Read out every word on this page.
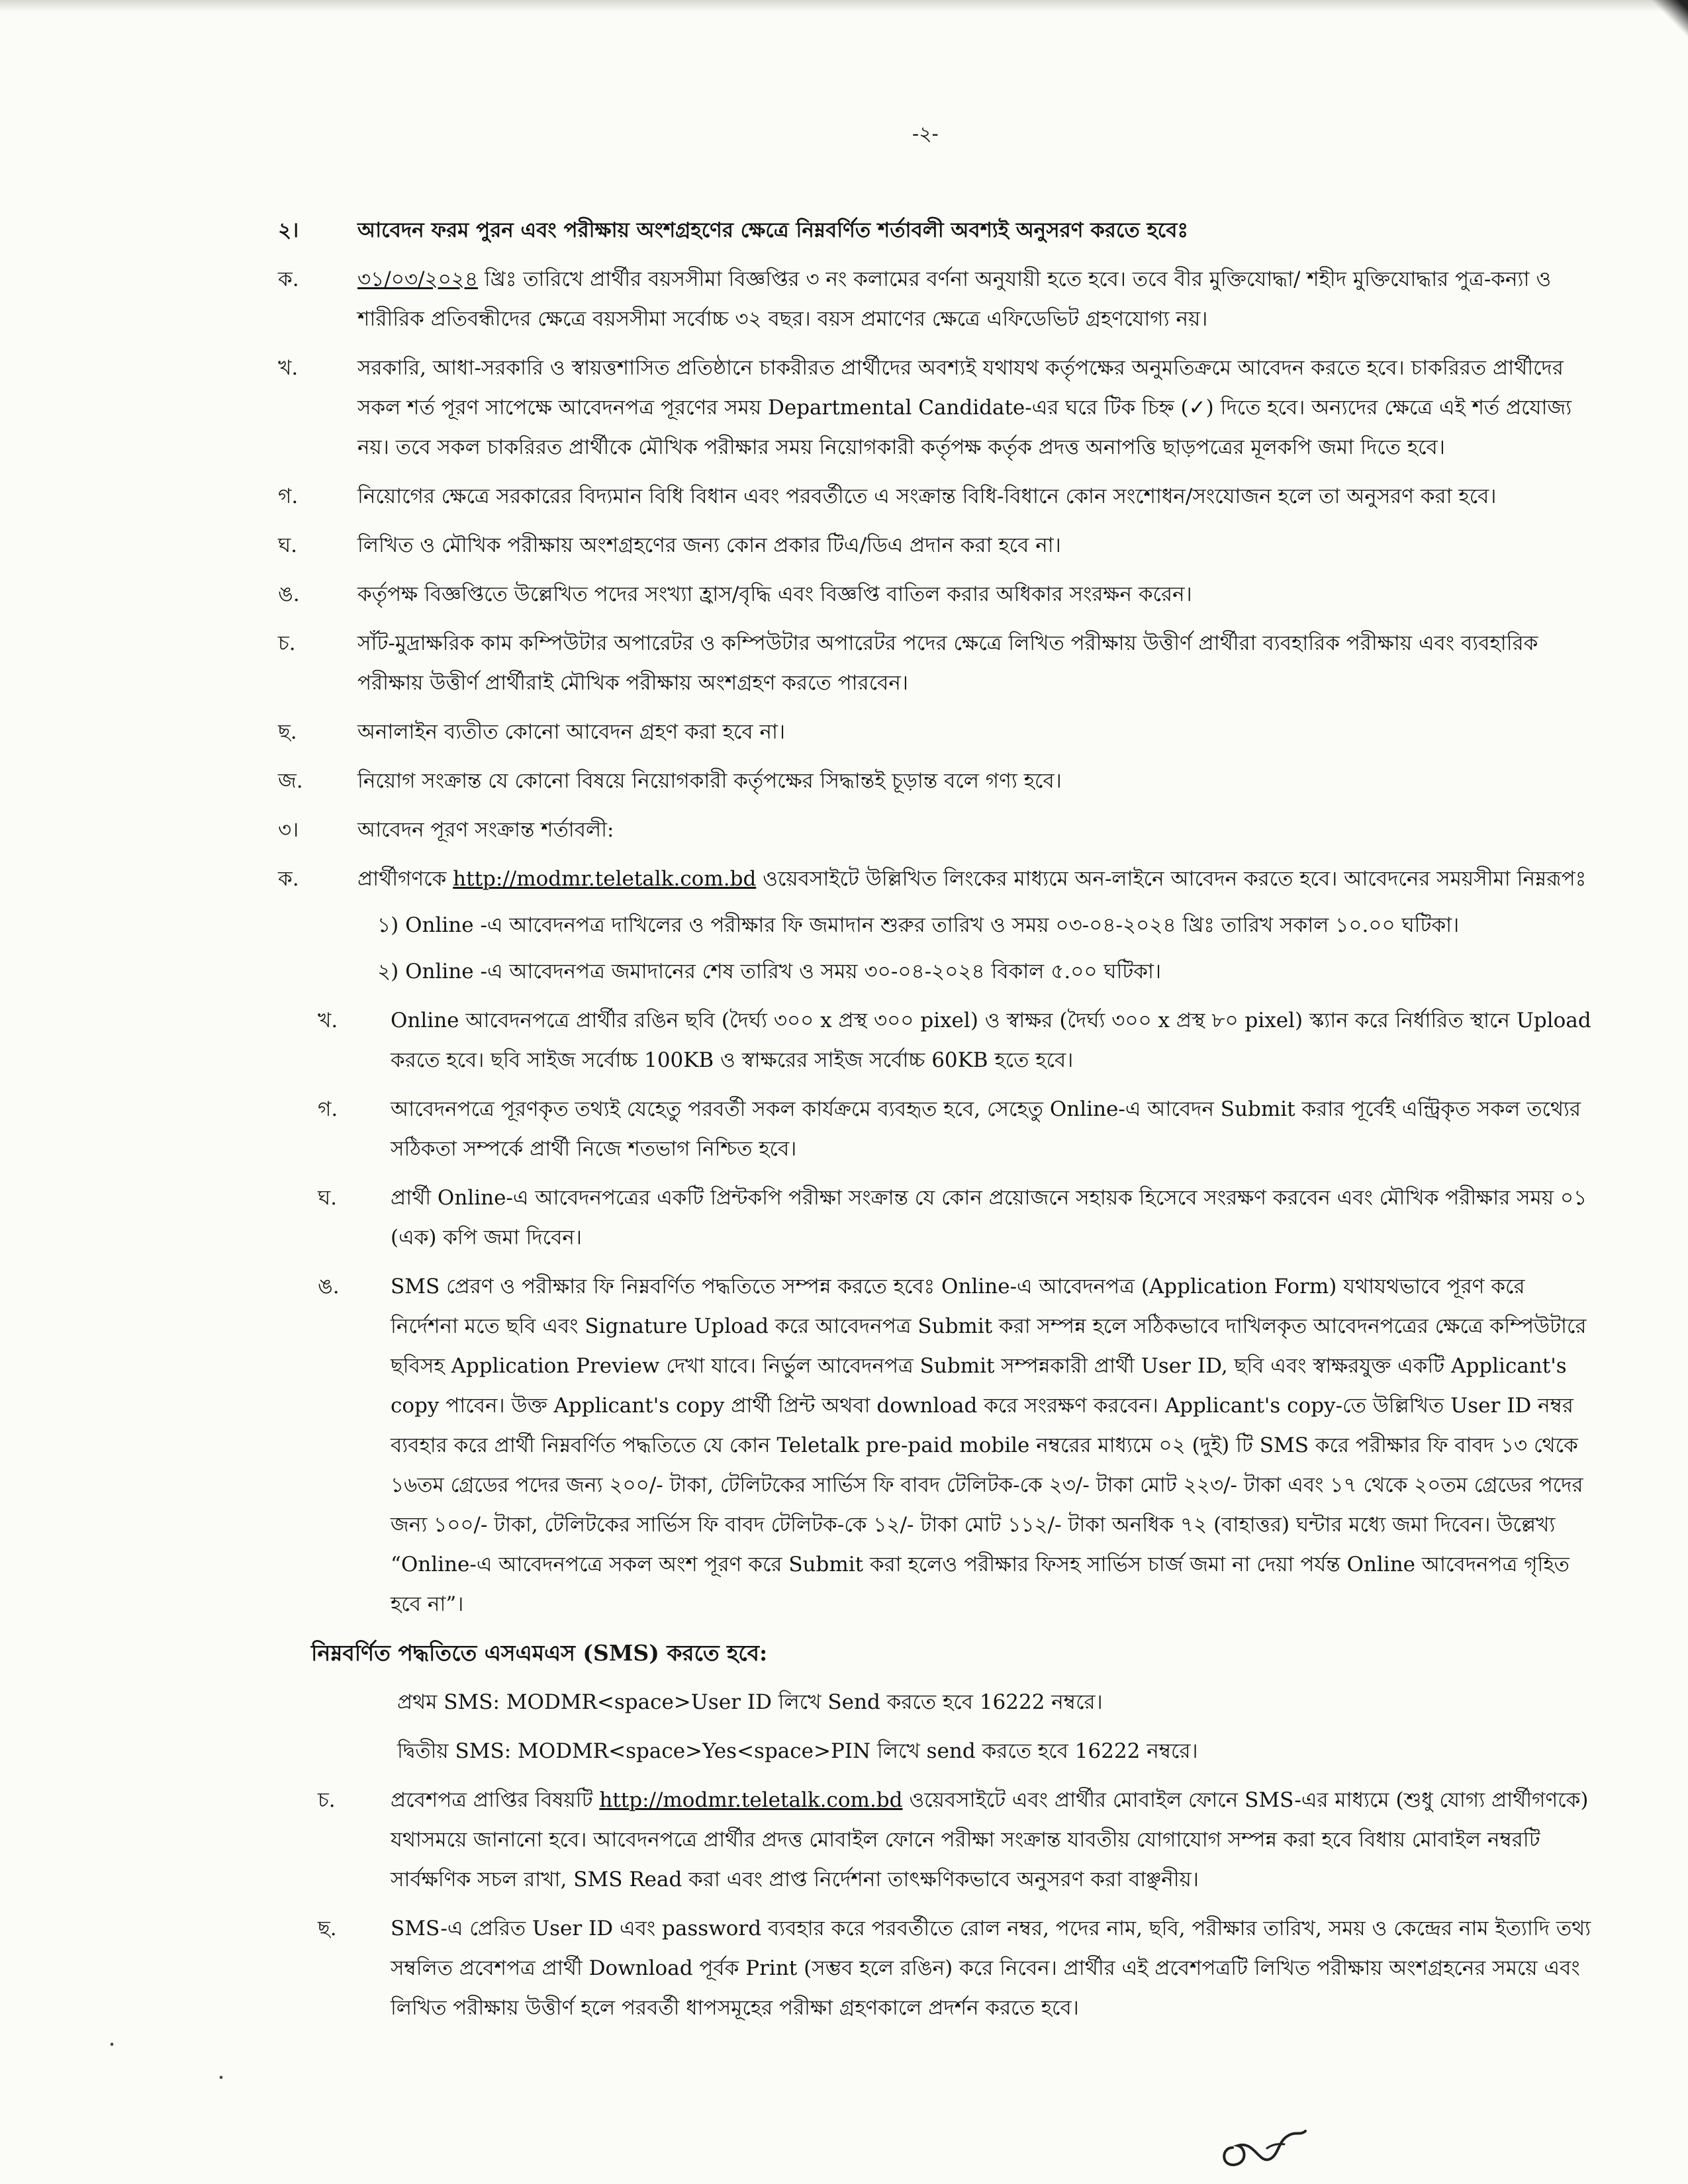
-২-
২।	আবেদন ফরম পুরন এবং পরীক্ষায় অংশগ্রহণের ক্ষেত্রে নিম্নবর্ণিত শর্তাবলী অবশ্যই অনুসরণ করতে হবেঃ
ক.	৩১/০৩/২০২৪ খ্রিঃ তারিখে প্রার্থীর বয়সসীমা বিজ্ঞপ্তির ৩ নং কলামের বর্ণনা অনুযায়ী হতে হবে। তবে বীর মুক্তিযোদ্ধা/ শহীদ মুক্তিযোদ্ধার পুত্র-কন্যা ও শারীরিক প্রতিবন্ধীদের ক্ষেত্রে বয়সসীমা সর্বোচ্চ ৩২ বছর। বয়স প্রমাণের ক্ষেত্রে এফিডেভিট গ্রহণযোগ্য নয়।
খ.	সরকারি, আধা-সরকারি ও স্বায়ত্তশাসিত প্রতিষ্ঠানে চাকরীরত প্রার্থীদের অবশ্যই যথাযথ কর্তৃপক্ষের অনুমতিক্রমে আবেদন করতে হবে। চাকরিরত প্রার্থীদের সকল শর্ত পূরণ সাপেক্ষে আবেদনপত্র পূরণের সময় Departmental Candidate-এর ঘরে টিক চিহ্ন (✓) দিতে হবে। অন্যদের ক্ষেত্রে এই শর্ত প্রযোজ্য নয়। তবে সকল চাকরিরত প্রার্থীকে মৌখিক পরীক্ষার সময় নিয়োগকারী কর্তৃপক্ষ কর্তৃক প্রদত্ত অনাপত্তি ছাড়পত্রের মূলকপি জমা দিতে হবে।
গ.	নিয়োগের ক্ষেত্রে সরকারের বিদ্যমান বিধি বিধান এবং পরবর্তীতে এ সংক্রান্ত বিধি-বিধানে কোন সংশোধন/সংযোজন হলে তা অনুসরণ করা হবে।
ঘ.	লিখিত ও মৌখিক পরীক্ষায় অংশগ্রহণের জন্য কোন প্রকার টিএ/ডিএ প্রদান করা হবে না।
ঙ.	কর্তৃপক্ষ বিজ্ঞপ্তিতে উল্লেখিত পদের সংখ্যা হ্রাস/বৃদ্ধি এবং বিজ্ঞপ্তি বাতিল করার অধিকার সংরক্ষন করেন।
চ.	সাঁট-মুদ্রাক্ষরিক কাম কম্পিউটার অপারেটর ও কম্পিউটার অপারেটর পদের ক্ষেত্রে লিখিত পরীক্ষায় উত্তীর্ণ প্রার্থীরা ব্যবহারিক পরীক্ষায় এবং ব্যবহারিক পরীক্ষায় উত্তীর্ণ প্রার্থীরাই মৌখিক পরীক্ষায় অংশগ্রহণ করতে পারবেন।
ছ.	অনালাইন ব্যতীত কোনো আবেদন গ্রহণ করা হবে না।
জ.	নিয়োগ সংক্রান্ত যে কোনো বিষয়ে নিয়োগকারী কর্তৃপক্ষের সিদ্ধান্তই চূড়ান্ত বলে গণ্য হবে।
৩।	আবেদন পূরণ সংক্রান্ত শর্তাবলী:
ক.	প্রার্থীগণকে http://modmr.teletalk.com.bd ওয়েবসাইটে উল্লিখিত লিংকের মাধ্যমে অন-লাইনে আবেদন করতে হবে। আবেদনের সময়সীমা নিম্নরূপঃ
১) Online -এ আবেদনপত্র দাখিলের ও পরীক্ষার ফি জমাদান শুরুর তারিখ ও সময় ০৩-০৪-২০২৪ খ্রিঃ তারিখ সকাল ১০.০০ ঘটিকা।
২) Online -এ আবেদনপত্র জমাদানের শেষ তারিখ ও সময় ৩০-০৪-২০২৪ বিকাল ৫.০০ ঘটিকা।
খ.	Online আবেদনপত্রে প্রার্থীর রঙিন ছবি (দৈর্ঘ্য ৩০০ x প্রস্থ ৩০০ pixel) ও স্বাক্ষর (দৈর্ঘ্য ৩০০ x প্রস্থ ৮০ pixel) স্ক্যান করে নির্ধারিত স্থানে Upload করতে হবে। ছবি সাইজ সর্বোচ্চ 100KB ও স্বাক্ষরের সাইজ সর্বোচ্চ 60KB হতে হবে।
গ.	আবেদনপত্রে পূরণকৃত তথ্যই যেহেতু পরবর্তী সকল কার্যক্রমে ব্যবহৃত হবে, সেহেতু Online-এ আবেদন Submit করার পূর্বেই এন্ট্রিকৃত সকল তথ্যের সঠিকতা সম্পর্কে প্রার্থী নিজে শতভাগ নিশ্চিত হবে।
ঘ.	প্রার্থী Online-এ আবেদনপত্রের একটি প্রিন্টকপি পরীক্ষা সংক্রান্ত যে কোন প্রয়োজনে সহায়ক হিসেবে সংরক্ষণ করবেন এবং মৌখিক পরীক্ষার সময় ০১ (এক) কপি জমা দিবেন।
ঙ.	SMS প্রেরণ ও পরীক্ষার ফি নিম্নবর্ণিত পদ্ধতিতে সম্পন্ন করতে হবেঃ Online-এ আবেদনপত্র (Application Form) যথাযথভাবে পূরণ করে নির্দেশনা মতে ছবি এবং Signature Upload করে আবেদনপত্র Submit করা সম্পন্ন হলে সঠিকভাবে দাখিলকৃত আবেদনপত্রের ক্ষেত্রে কম্পিউটারে ছবিসহ Application Preview দেখা যাবে। নির্ভুল আবেদনপত্র Submit সম্পন্নকারী প্রার্থী User ID, ছবি এবং স্বাক্ষরযুক্ত একটি Applicant's copy পাবেন। উক্ত Applicant's copy প্রার্থী প্রিন্ট অথবা download করে সংরক্ষণ করবেন। Applicant's copy-তে উল্লিখিত User ID নম্বর ব্যবহার করে প্রার্থী নিম্নবর্ণিত পদ্ধতিতে যে কোন Teletalk pre-paid mobile নম্বরের মাধ্যমে ০২ (দুই) টি SMS করে পরীক্ষার ফি বাবদ ১৩ থেকে ১৬তম গ্রেডের পদের জন্য ২০০/- টাকা, টেলিটকের সার্ভিস ফি বাবদ টেলিটক-কে ২৩/- টাকা মোট ২২৩/- টাকা এবং ১৭ থেকে ২০তম গ্রেডের পদের জন্য ১০০/- টাকা, টেলিটকের সার্ভিস ফি বাবদ টেলিটক-কে ১২/- টাকা মোট ১১২/- টাকা অনধিক ৭২ (বাহাত্তর) ঘন্টার মধ্যে জমা দিবেন। উল্লেখ্য “Online-এ আবেদনপত্রে সকল অংশ পূরণ করে Submit করা হলেও পরীক্ষার ফিসহ সার্ভিস চার্জ জমা না দেয়া পর্যন্ত Online আবেদনপত্র গৃহিত হবে না”।
নিম্নবর্ণিত পদ্ধতিতে এসএমএস (SMS) করতে হবে:
প্রথম SMS: MODMR<space>User ID লিখে Send করতে হবে 16222 নম্বরে।
দ্বিতীয় SMS: MODMR<space>Yes<space>PIN লিখে send করতে হবে 16222 নম্বরে।
চ.	প্রবেশপত্র প্রাপ্তির বিষয়টি http://modmr.teletalk.com.bd ওয়েবসাইটে এবং প্রার্থীর মোবাইল ফোনে SMS-এর মাধ্যমে (শুধু যোগ্য প্রার্থীগণকে) যথাসময়ে জানানো হবে। আবেদনপত্রে প্রার্থীর প্রদত্ত মোবাইল ফোনে পরীক্ষা সংক্রান্ত যাবতীয় যোগাযোগ সম্পন্ন করা হবে বিধায় মোবাইল নম্বরটি সার্বক্ষণিক সচল রাখা, SMS Read করা এবং প্রাপ্ত নির্দেশনা তাৎক্ষণিকভাবে অনুসরণ করা বাঞ্ছনীয়।
ছ.	SMS-এ প্রেরিত User ID এবং password ব্যবহার করে পরবর্তীতে রোল নম্বর, পদের নাম, ছবি, পরীক্ষার তারিখ, সময় ও কেন্দ্রের নাম ইত্যাদি তথ্য সম্বলিত প্রবেশপত্র প্রার্থী Download পূর্বক Print (সম্ভব হলে রঙিন) করে নিবেন। প্রার্থীর এই প্রবেশপত্রটি লিখিত পরীক্ষায় অংশগ্রহনের সময়ে এবং লিখিত পরীক্ষায় উত্তীর্ণ হলে পরবর্তী ধাপসমূহের পরীক্ষা গ্রহণকালে প্রদর্শন করতে হবে।
ꞏ
ꞏ
